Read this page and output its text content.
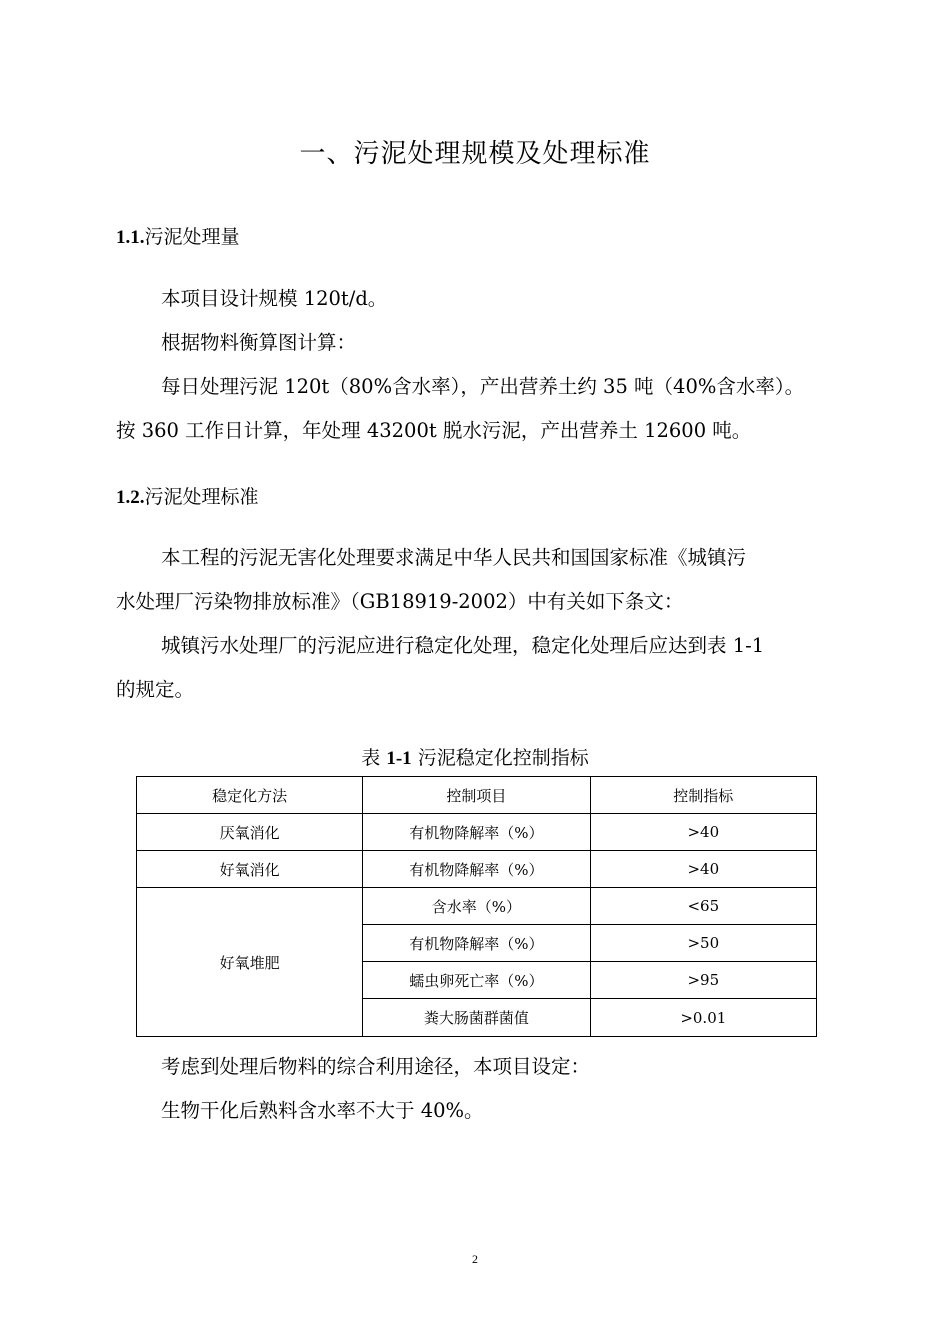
一、污泥处理规模及处理标准
1.1.污泥处理量
本项目设计规模 120t/d。
根据物料衡算图计算：
每日处理污泥 120t（80%含水率），产出营养土约 35 吨（40%含水率）。
按 360 工作日计算，年处理 43200t 脱水污泥，产出营养土 12600 吨。
1.2.污泥处理标准
本工程的污泥无害化处理要求满足中华人民共和国国家标准《城镇污
水处理厂污染物排放标准》（GB18919-2002）中有关如下条文：
城镇污水处理厂的污泥应进行稳定化处理，稳定化处理后应达到表 1-1
的规定。
表 1-1 污泥稳定化控制指标
稳定化方法	控制项目	控制指标
厌氧消化	有机物降解率（%）	>40
好氧消化	有机物降解率（%）	>40
好氧堆肥	含水率（%）	<65
	有机物降解率（%）	>50
	蠕虫卵死亡率（%）	>95
	粪大肠菌群菌值	>0.01
考虑到处理后物料的综合利用途径，本项目设定：
生物干化后熟料含水率不大于 40%。
2
